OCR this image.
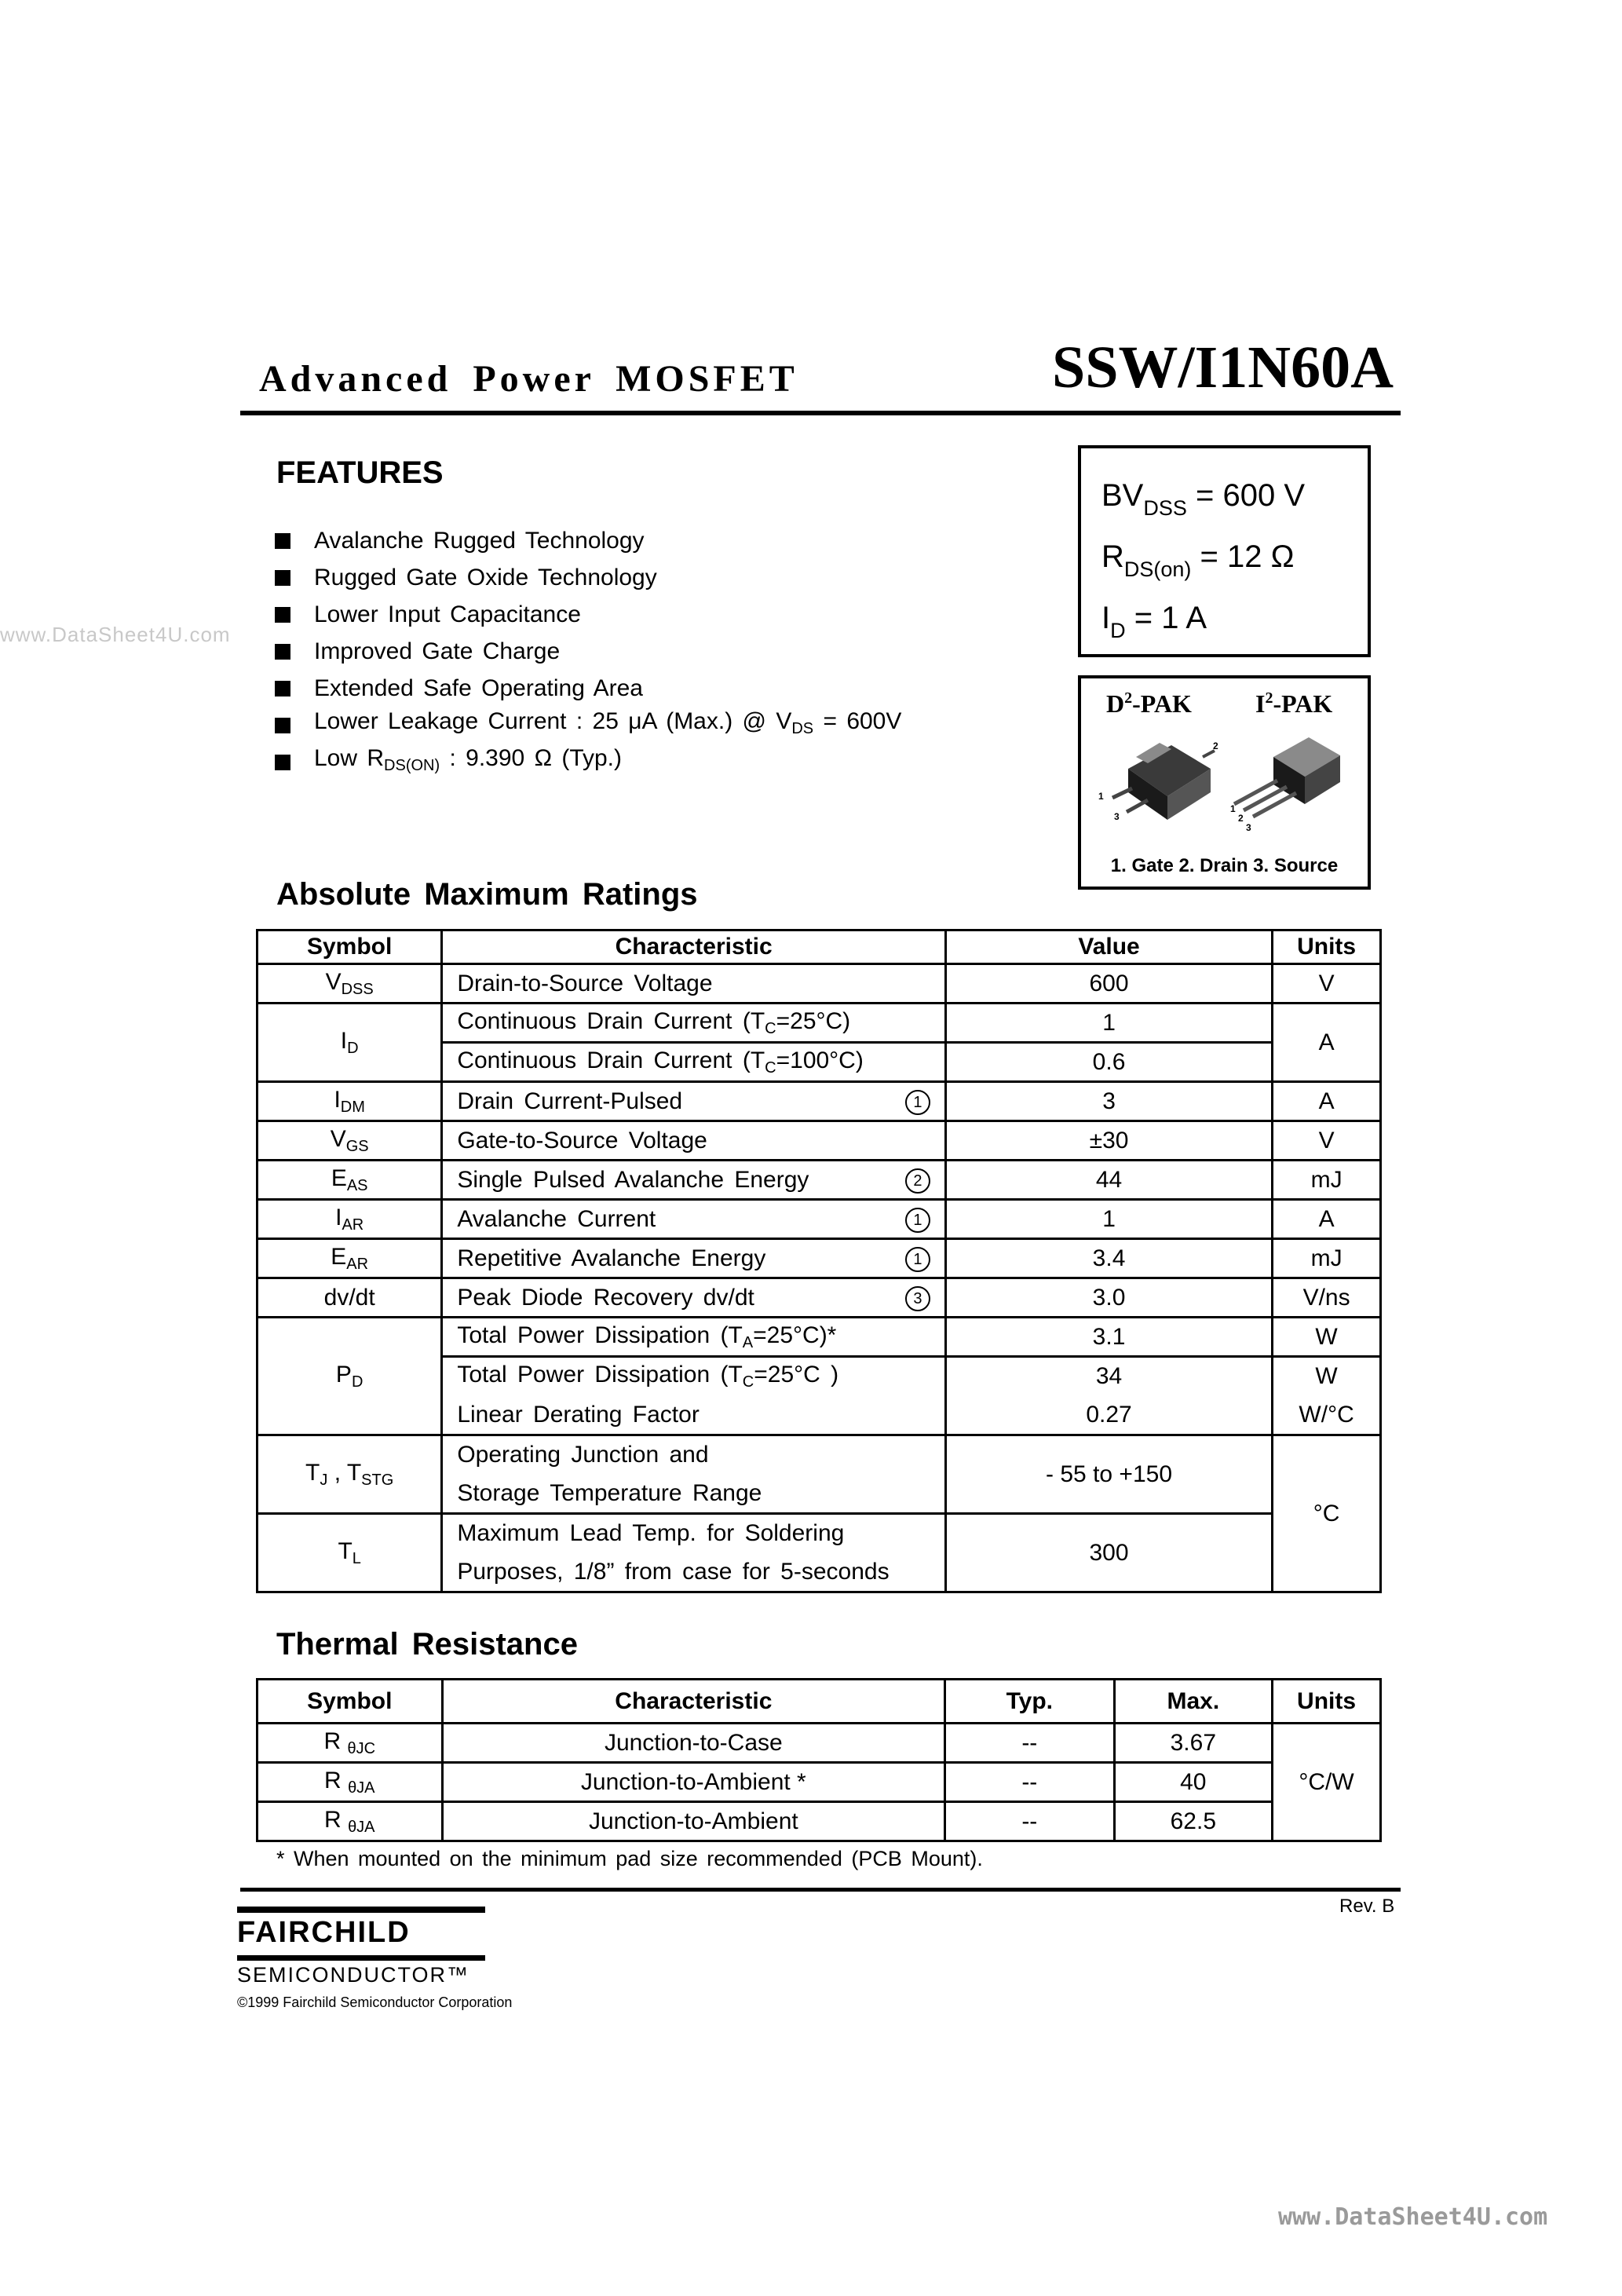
www.DataSheet4U.com
www.DataSheet4U.com
Advanced Power MOSFET	SSW/I1N60A
FEATURES
Avalanche Rugged Technology
Rugged Gate Oxide Technology
Lower Input Capacitance
Improved Gate Charge
Extended Safe Operating Area
Lower Leakage Current : 25 μA (Max.) @ $V_{DS} = 600V$
Low $R_{DS(ON)}$ : 9.390 Ω (Typ.)
$BV_{DSS} = 600$ V
$R_{DS(on)} = 12$ Ω
$I_D = 1$ A
$D^2$-PAK	$I^2$-PAK
1
2
3
1
2
3
1. Gate 2. Drain 3. Source
Absolute Maximum Ratings
Symbol	Characteristic	Value	Units
$V_{DSS}$	Drain-to-Source Voltage	600	V
$I_D$	Continuous Drain Current $(T_C=25^\circ C)$	1	A
	Continuous Drain Current $(T_C=100^\circ C)$	0.6	
$I_{DM}$	Drain Current-Pulsed 1	3	A
$V_{GS}$	Gate-to-Source Voltage	±30	V
$E_{AS}$	Single Pulsed Avalanche Energy 2	44	mJ
$I_{AR}$	Avalanche Current 1	1	A
$E_{AR}$	Repetitive Avalanche Energy 1	3.4	mJ
dv/dt	Peak Diode Recovery dv/dt 3	3.0	V/ns
$P_D$	Total Power Dissipation $(T_A=25^\circ C)*$	3.1	W
	Total Power Dissipation ($T_C=25^\circ C$ )	34	W
	Linear Derating Factor	0.27	W/°C
$T_J$ , $T_{STG}$	Operating Junction and	- 55 to +150	°C
	Storage Temperature Range		
$T_L$	Maximum Lead Temp. for Soldering	300	
	Purposes, 1/8” from case for 5-seconds		
Thermal Resistance
Symbol	Characteristic	Typ.	Max.	Units
R $_{\theta JC}$	Junction-to-Case	--	3.67	°C/W
R $_{\theta JA}$	Junction-to-Ambient *	--	40	
R $_{\theta JA}$	Junction-to-Ambient	--	62.5	
* When mounted on the minimum pad size recommended (PCB Mount).
Rev. B
FAIRCHILD
SEMICONDUCTOR™
©1999 Fairchild Semiconductor Corporation
